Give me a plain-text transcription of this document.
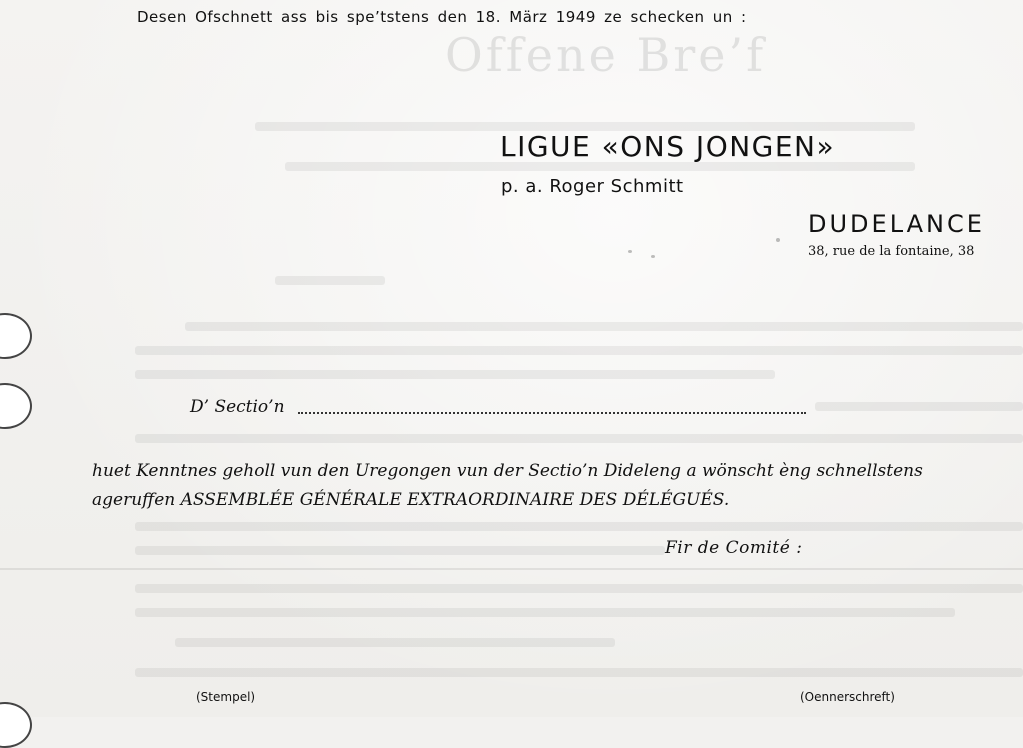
Offene Bre’f
Desen Ofschnett ass bis spe’tstens den 18. März 1949 ze schecken un :
LIGUE «ONS JONGEN»
p. a. Roger Schmitt
DUDELANCE
38, rue de la fontaine, 38
D’ Sectio’n
huet Kenntnes geholl vun den Uregongen vun der Sectio’n Dideleng a wönscht èng schnellstens
ageruffen ASSEMBLÉE GÉNÉRALE EXTRAORDINAIRE DES DÉLÉGUÉS.
Fir de Comité :
(Stempel)	(Oennerschreft)
